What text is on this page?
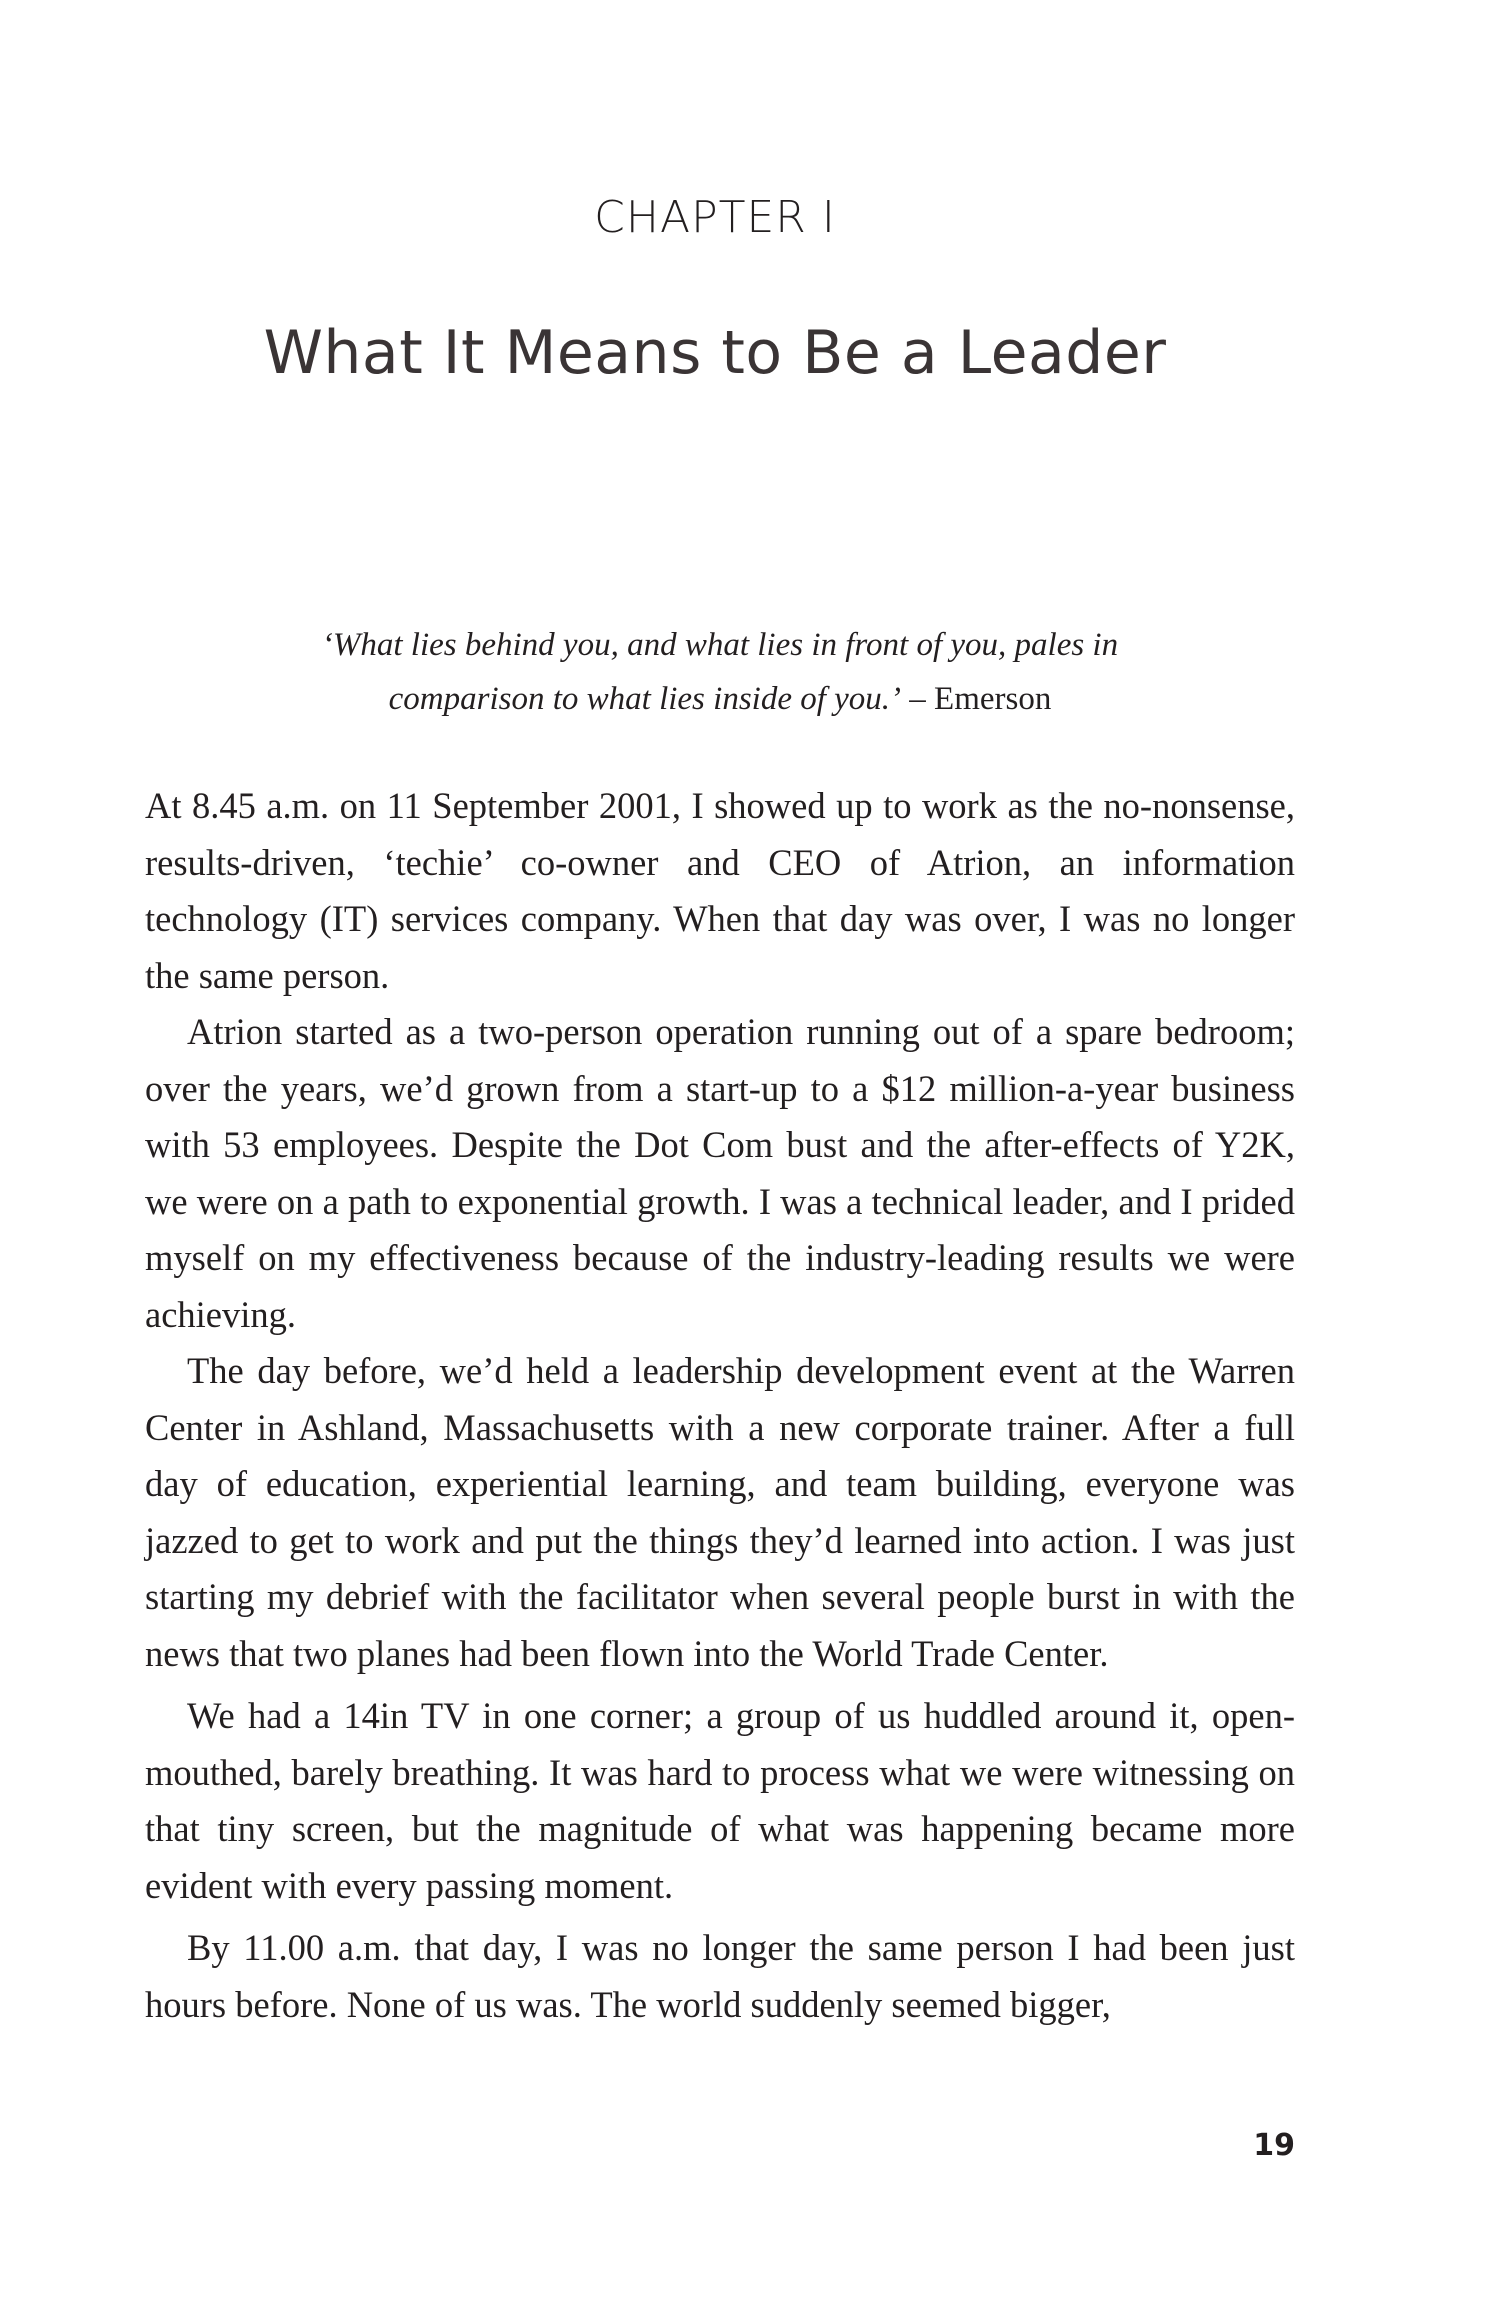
CHAPTER I
What It Means to Be a Leader
‘What lies behind you, and what lies in front of you, pales in
comparison to what lies inside of you.’ – Emerson

At 8.45 a.m. on 11 September 2001, I showed up to work as the no-nonsense, results-driven, ‘techie’ co-owner and CEO of Atrion, an information technology (IT) services company. When that day was over, I was no longer the same person.

Atrion started as a two-person operation running out of a spare bedroom; over the years, we’d grown from a start-up to a $12 million-a-year business with 53 employees. Despite the Dot Com bust and the after-effects of Y2K, we were on a path to exponential growth. I was a technical leader, and I prided myself on my effectiveness because of the industry-leading results we were achieving.

The day before, we’d held a leadership development event at the Warren Center in Ashland, Massachusetts with a new corporate trainer. After a full day of education, experiential learning, and team building, everyone was jazzed to get to work and put the things they’d learned into action. I was just starting my debrief with the facilitator when several people burst in with the news that two planes had been flown into the World Trade Center.

We had a 14in TV in one corner; a group of us huddled around it, open-mouthed, barely breathing. It was hard to process what we were witnessing on that tiny screen, but the magnitude of what was happening became more evident with every passing moment.

By 11.00 a.m. that day, I was no longer the same person I had been just hours before. None of us was. The world suddenly seemed bigger,

19
